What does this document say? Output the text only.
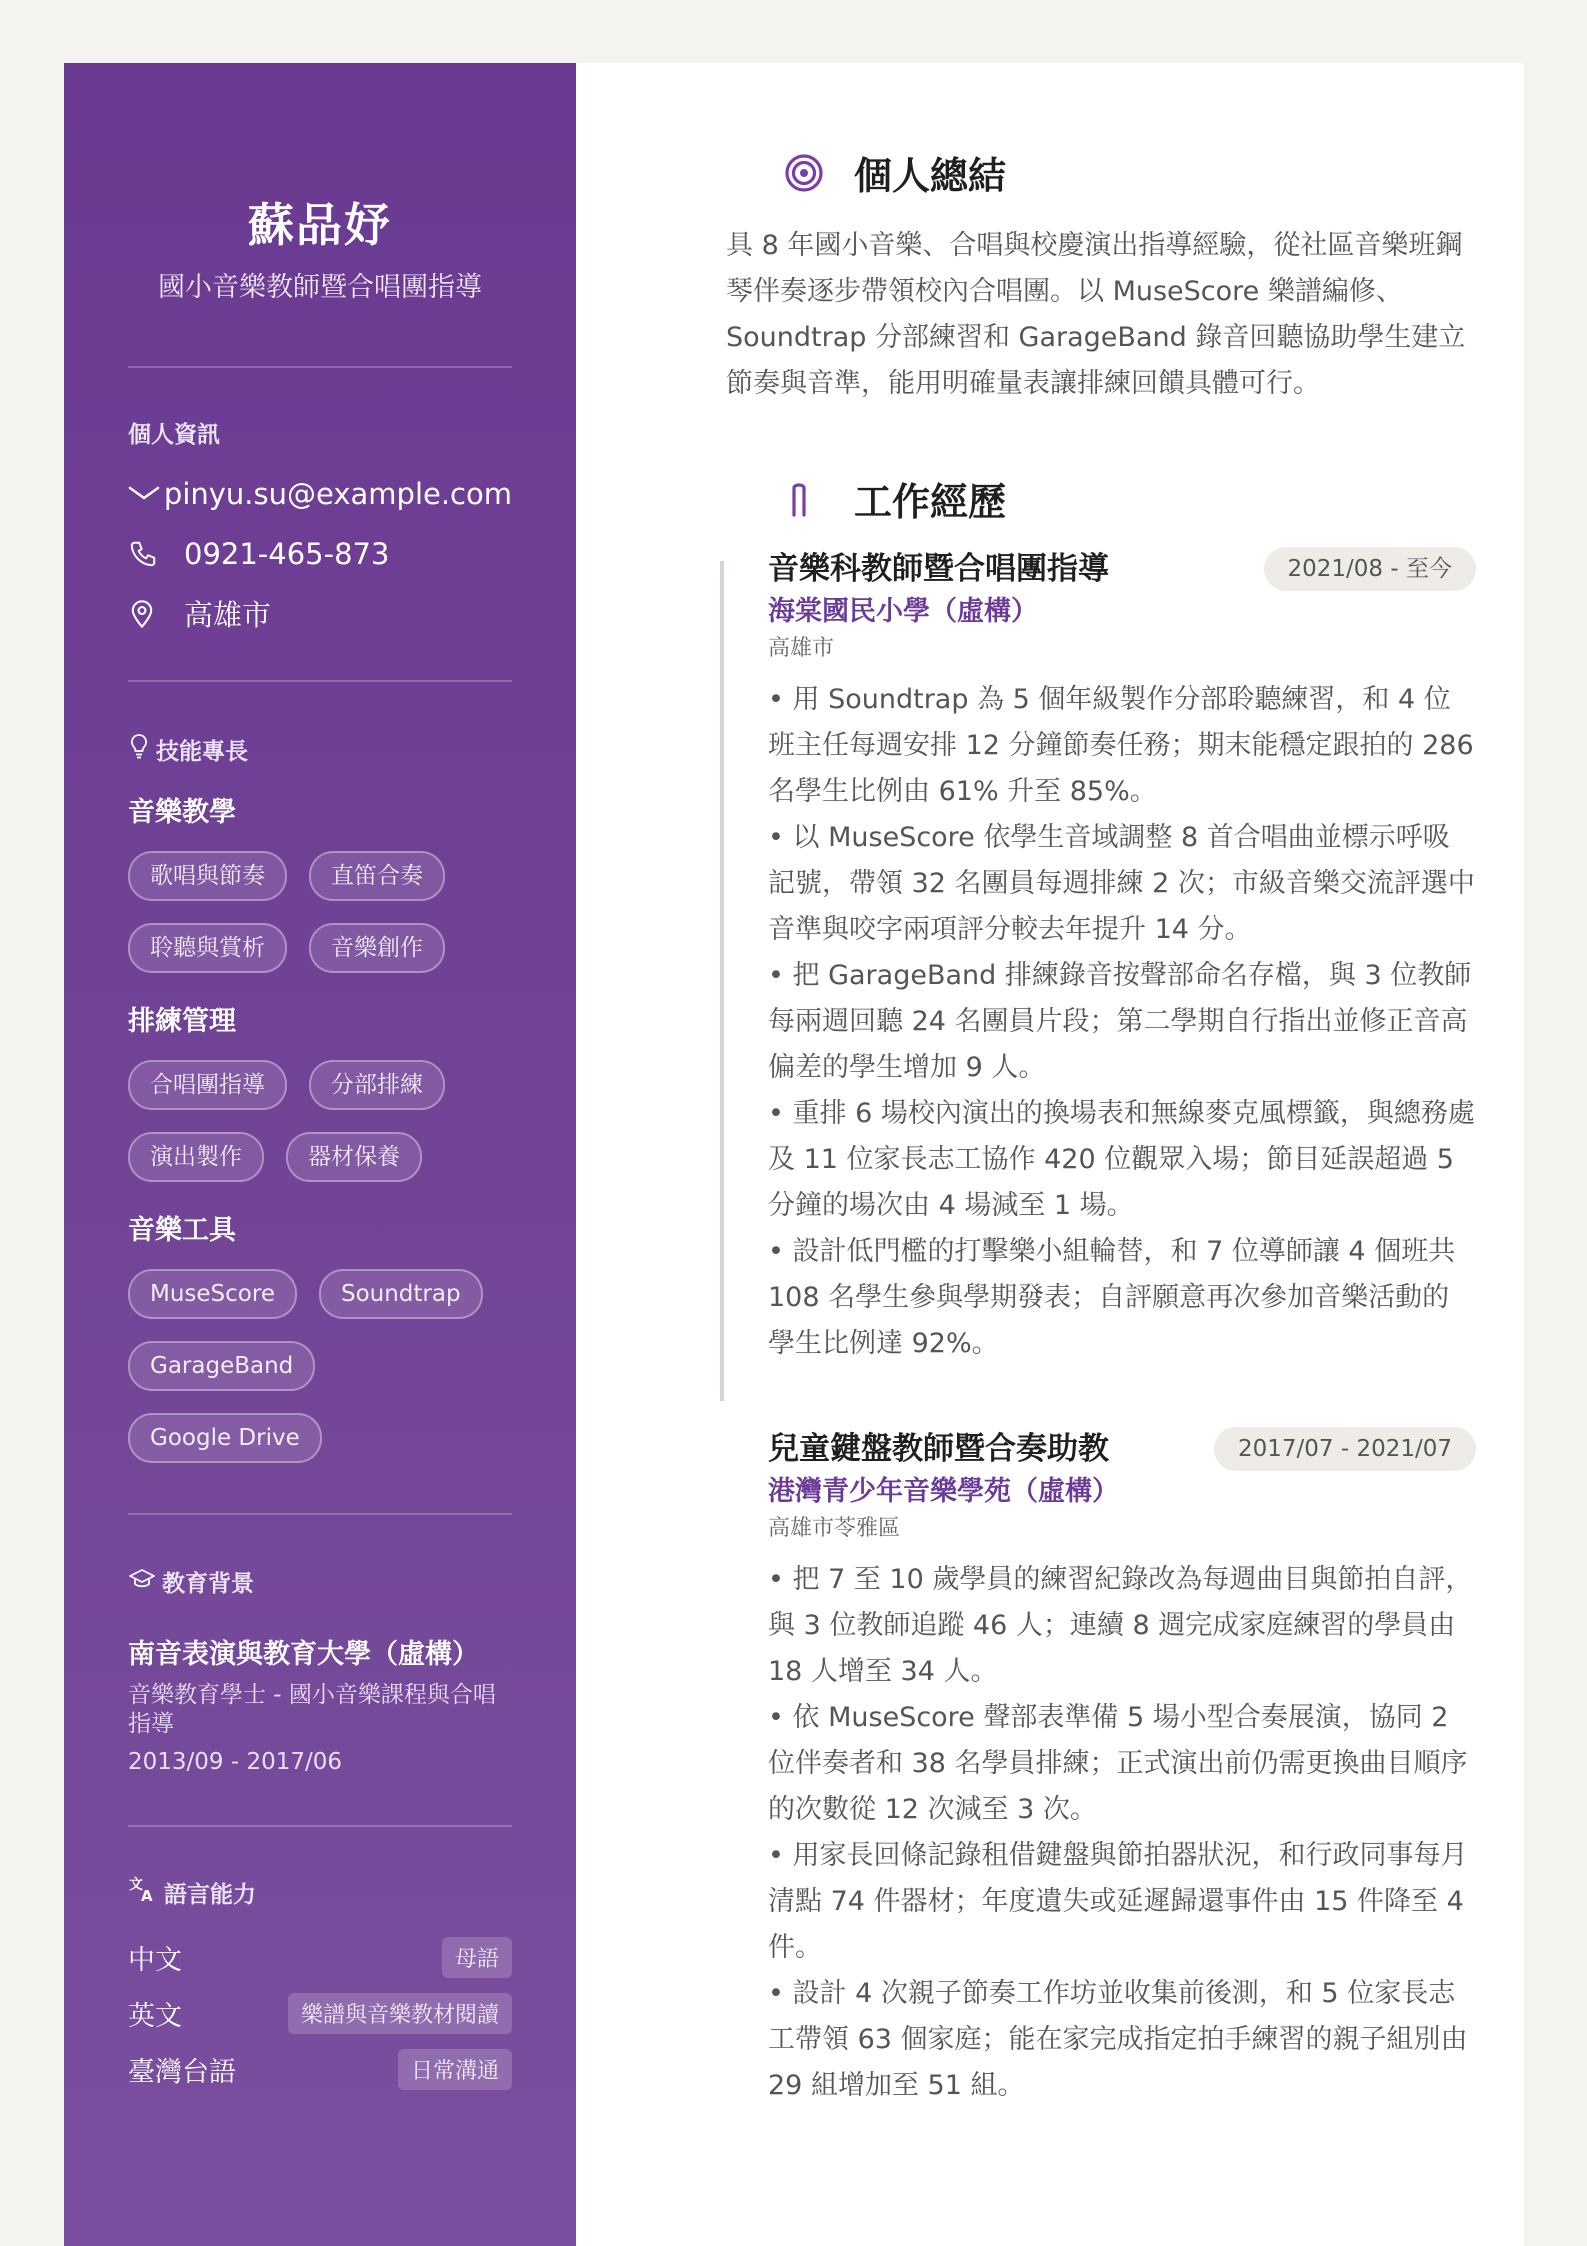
蘇品妤
國小音樂教師暨合唱團指導
個人資訊
pinyu.su@example.com
0921-465-873
高雄市
技能專長
音樂教學
歌唱與節奏	直笛合奏
聆聽與賞析	音樂創作
排練管理
合唱團指導	分部排練
演出製作	器材保養
音樂工具
MuseScore	Soundtrap
GarageBand
Google Drive
教育背景
南音表演與教育大學（虛構）
音樂教育學士 - 國小音樂課程與合唱指導
2013/09 - 2017/06
文
A 語言能力
中文	母語
英文	樂譜與音樂教材閱讀
臺灣台語	日常溝通
個人總結
具 8 年國小音樂、合唱與校慶演出指導經驗，從社區音樂班鋼琴伴奏逐步帶領校內合唱團。以 MuseScore 樂譜編修、Soundtrap 分部練習和 GarageBand 錄音回聽協助學生建立節奏與音準，能用明確量表讓排練回饋具體可行。
工作經歷
音樂科教師暨合唱團指導	2021/08 - 至今
海棠國民小學（虛構）
高雄市
• 用 Soundtrap 為 5 個年級製作分部聆聽練習，和 4 位班主任每週安排 12 分鐘節奏任務；期末能穩定跟拍的 286 名學生比例由 61% 升至 85%。
• 以 MuseScore 依學生音域調整 8 首合唱曲並標示呼吸記號，帶領 32 名團員每週排練 2 次；市級音樂交流評選中音準與咬字兩項評分較去年提升 14 分。
• 把 GarageBand 排練錄音按聲部命名存檔，與 3 位教師每兩週回聽 24 名團員片段；第二學期自行指出並修正音高偏差的學生增加 9 人。
• 重排 6 場校內演出的換場表和無線麥克風標籤，與總務處及 11 位家長志工協作 420 位觀眾入場；節目延誤超過 5 分鐘的場次由 4 場減至 1 場。
• 設計低門檻的打擊樂小組輪替，和 7 位導師讓 4 個班共 108 名學生參與學期發表；自評願意再次參加音樂活動的學生比例達 92%。
兒童鍵盤教師暨合奏助教	2017/07 - 2021/07
港灣青少年音樂學苑（虛構）
高雄市苓雅區
• 把 7 至 10 歲學員的練習紀錄改為每週曲目與節拍自評，與 3 位教師追蹤 46 人；連續 8 週完成家庭練習的學員由 18 人增至 34 人。
• 依 MuseScore 聲部表準備 5 場小型合奏展演，協同 2 位伴奏者和 38 名學員排練；正式演出前仍需更換曲目順序的次數從 12 次減至 3 次。
• 用家長回條記錄租借鍵盤與節拍器狀況，和行政同事每月清點 74 件器材；年度遺失或延遲歸還事件由 15 件降至 4 件。
• 設計 4 次親子節奏工作坊並收集前後測，和 5 位家長志工帶領 63 個家庭；能在家完成指定拍手練習的親子組別由 29 組增加至 51 組。
